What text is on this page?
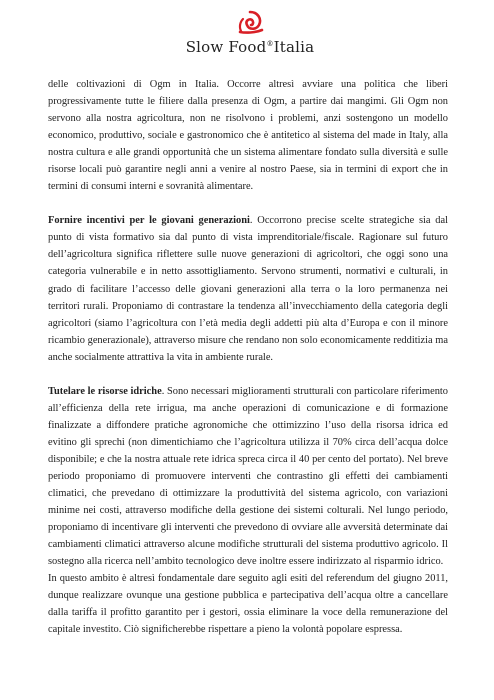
Slow Food®Italia

delle coltivazioni di Ogm in Italia. Occorre altresì avviare una politica che liberi progressivamente tutte le filiere dalla presenza di Ogm, a partire dai mangimi. Gli Ogm non servono alla nostra agricoltura, non ne risolvono i problemi, anzi sostengono un modello economico, produttivo, sociale e gastronomico che è antitetico al sistema del made in Italy, alla nostra cultura e alle grandi opportunità che un sistema alimentare fondato sulla diversità e sulle risorse locali può garantire negli anni a venire al nostro Paese, sia in termini di export che in termini di consumi interni e sovranità alimentare.

Fornire incentivi per le giovani generazioni. Occorrono precise scelte strategiche sia dal punto di vista formativo sia dal punto di vista imprenditoriale/fiscale. Ragionare sul futuro dell’agricoltura significa riflettere sulle nuove generazioni di agricoltori, che oggi sono una categoria vulnerabile e in netto assottigliamento. Servono strumenti, normativi e culturali, in grado di facilitare l’accesso delle giovani generazioni alla terra o la loro permanenza nei territori rurali. Proponiamo di contrastare la tendenza all’invecchiamento della categoria degli agricoltori (siamo l’agricoltura con l’età media degli addetti più alta d’Europa e con il minore ricambio generazionale), attraverso misure che rendano non solo economicamente redditizia ma anche socialmente attrattiva la vita in ambiente rurale.

Tutelare le risorse idriche. Sono necessari miglioramenti strutturali con particolare riferimento all’efficienza della rete irrigua, ma anche operazioni di comunicazione e di formazione finalizzate a diffondere pratiche agronomiche che ottimizzino l’uso della risorsa idrica ed evitino gli sprechi (non dimentichiamo che l’agricoltura utilizza il 70% circa dell’acqua dolce disponibile; e che la nostra attuale rete idrica spreca circa il 40 per cento del portato). Nel breve periodo proponiamo di promuovere interventi che contrastino gli effetti dei cambiamenti climatici, che prevedano di ottimizzare la produttività del sistema agricolo, con variazioni minime nei costi, attraverso modifiche della gestione dei sistemi colturali. Nel lungo periodo, proponiamo di incentivare gli interventi che prevedono di ovviare alle avversità determinate dai cambiamenti climatici attraverso alcune modifiche strutturali del sistema produttivo agricolo. Il sostegno alla ricerca nell’ambito tecnologico deve inoltre essere indirizzato al risparmio idrico.

In questo ambito è altresì fondamentale dare seguito agli esiti del referendum del giugno 2011, dunque realizzare ovunque una gestione pubblica e partecipativa dell’acqua oltre a cancellare dalla tariffa il profitto garantito per i gestori, ossia eliminare la voce della remunerazione del capitale investito. Ciò significherebbe rispettare a pieno la volontà popolare espressa.
